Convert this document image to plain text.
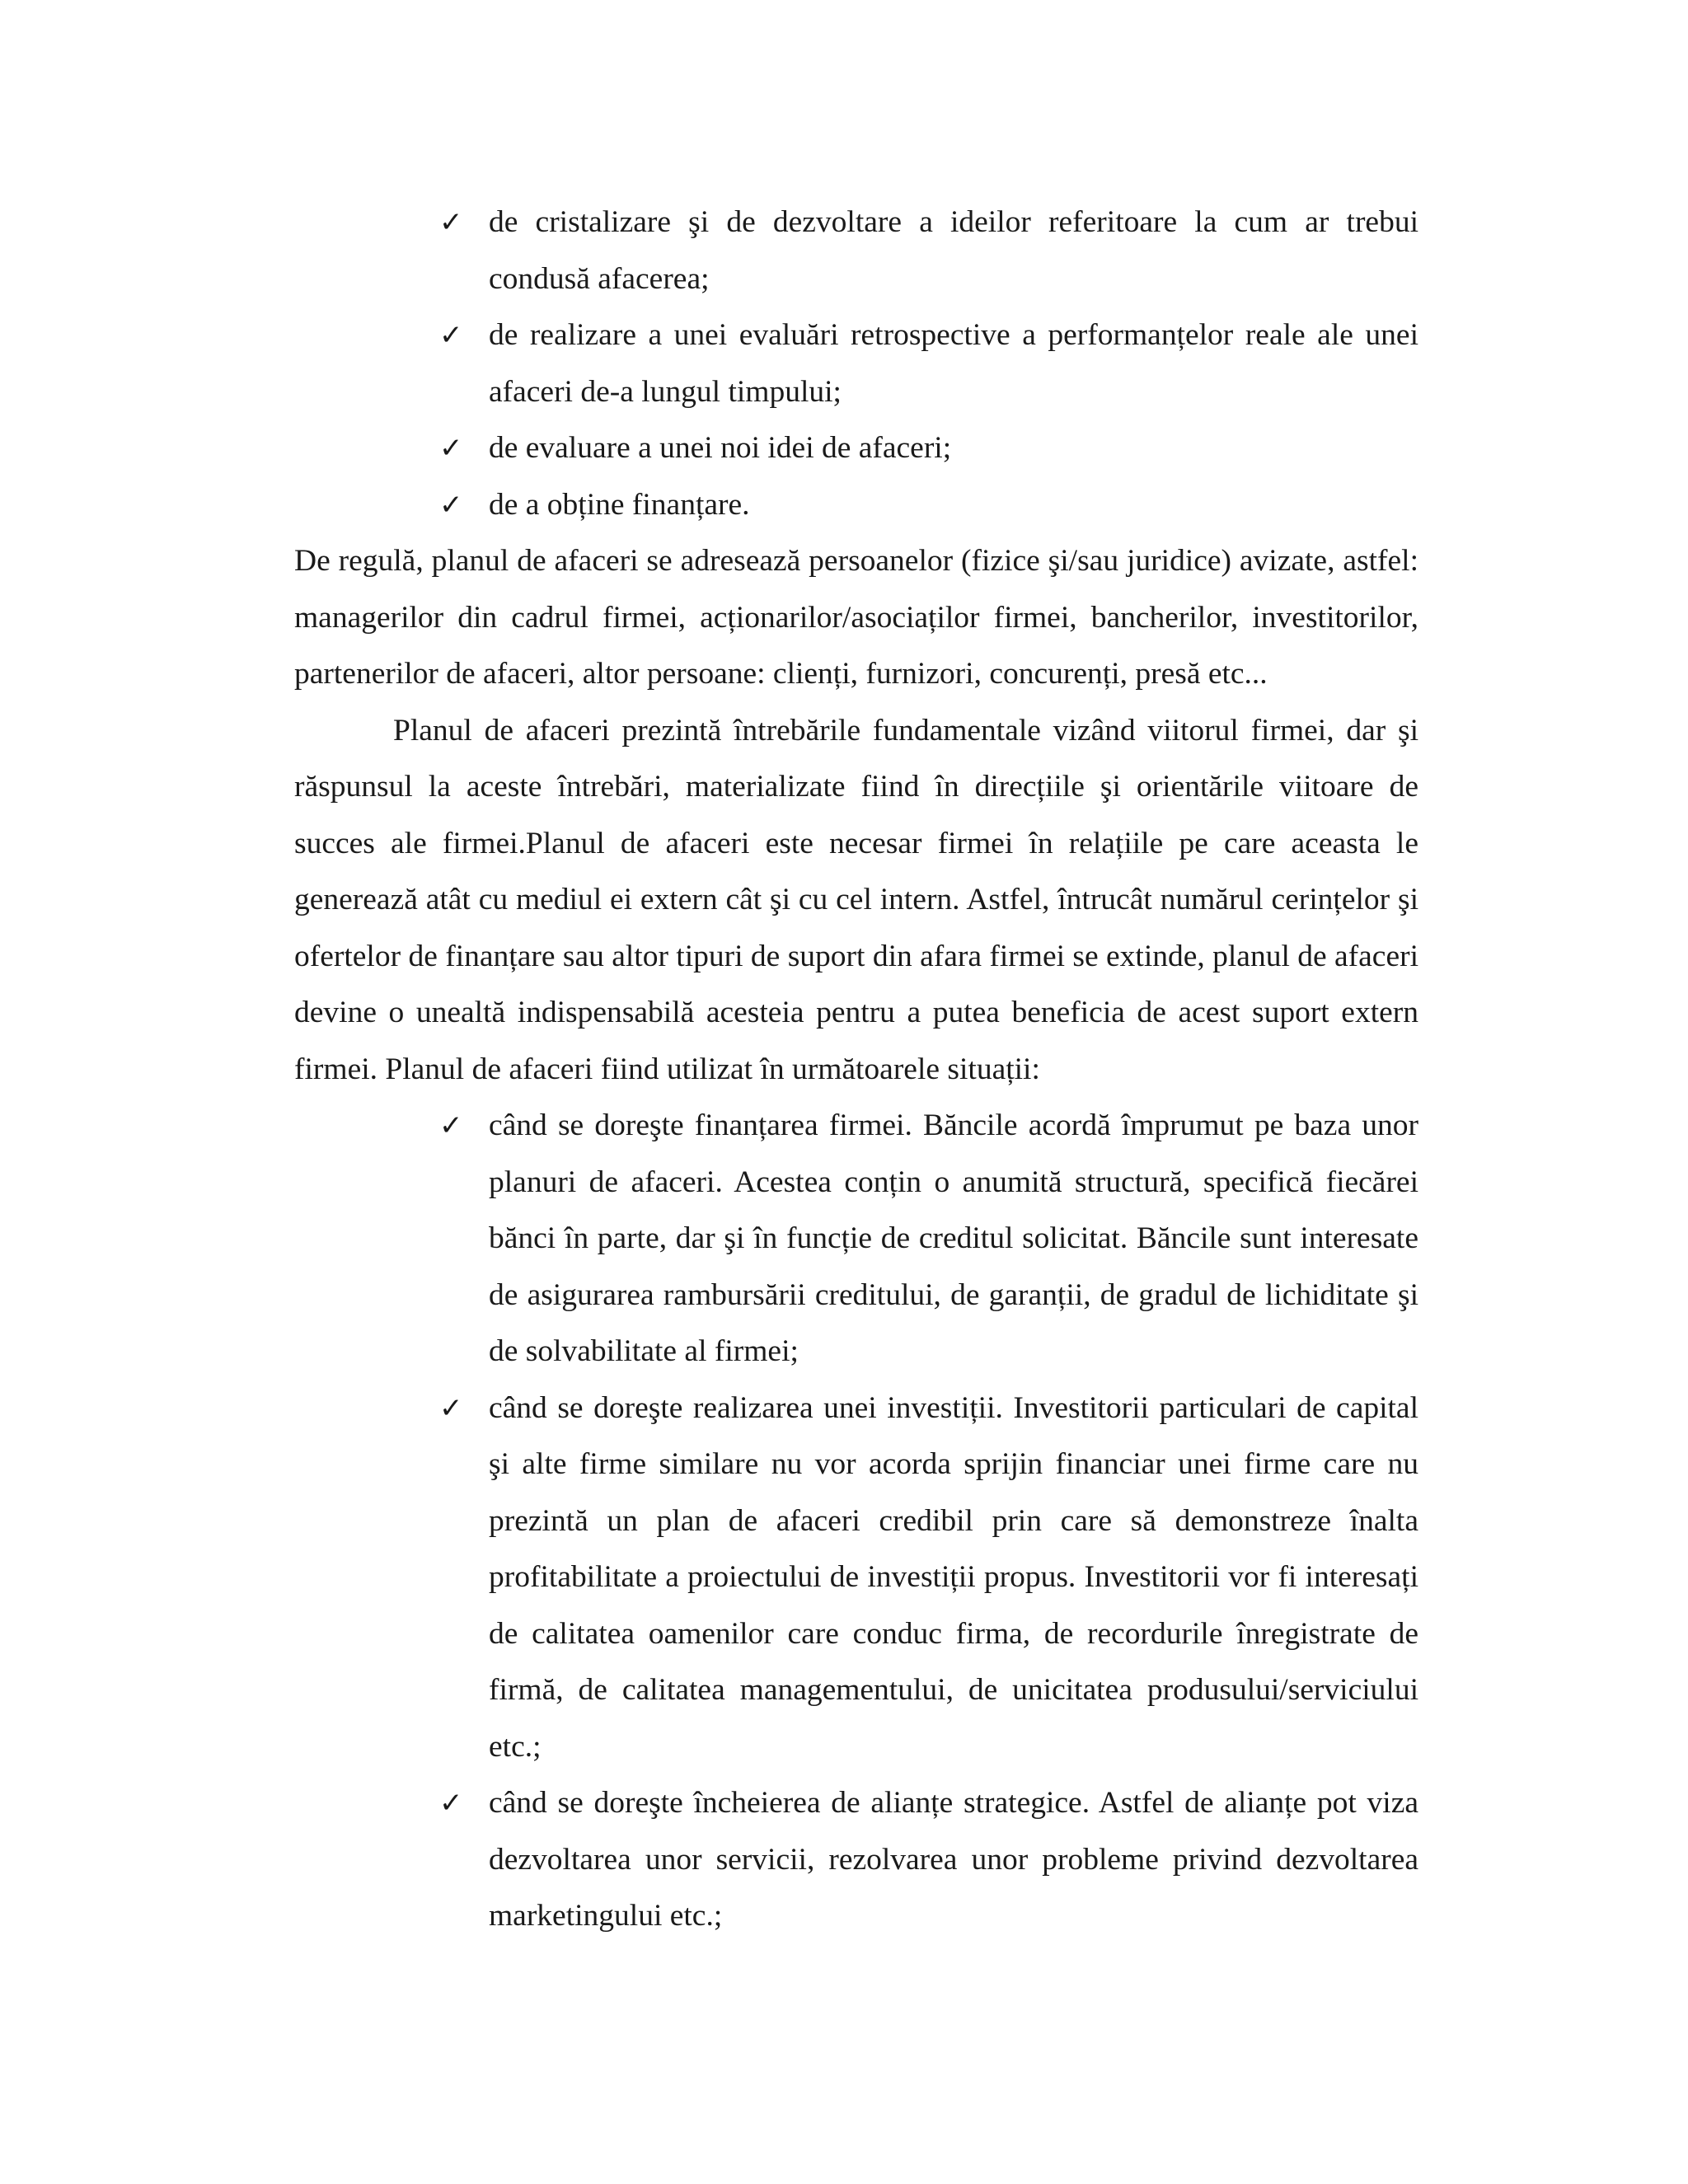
✓ de cristalizare şi de dezvoltare a ideilor referitoare la cum ar trebui condusă afacerea;
✓ de realizare a unei evaluări retrospective a performanțelor reale ale unei afaceri de-a lungul timpului;
✓ de evaluare a unei noi idei de afaceri;
✓ de a obține finanțare.

De regulă, planul de afaceri se adresează persoanelor (fizice şi/sau juridice) avizate, astfel: managerilor din cadrul firmei, acționarilor/asociaților firmei, bancherilor, investitorilor, partenerilor de afaceri, altor persoane: clienți, furnizori, concurenți, presă etc...

Planul de afaceri prezintă întrebările fundamentale vizând viitorul firmei, dar şi răspunsul la aceste întrebări, materializate fiind în direcțiile şi orientările viitoare de succes ale firmei.Planul de afaceri este necesar firmei în relațiile pe care aceasta le generează atât cu mediul ei extern cât şi cu cel intern. Astfel, întrucât numărul cerințelor şi ofertelor de finanțare sau altor tipuri de suport din afara firmei se extinde, planul de afaceri devine o unealtă indispensabilă acesteia pentru a putea beneficia de acest suport extern firmei. Planul de afaceri fiind utilizat în următoarele situații:

✓ când se doreşte finanțarea firmei. Băncile acordă împrumut pe baza unor planuri de afaceri. Acestea conțin o anumită structură, specifică fiecărei bănci în parte, dar şi în funcție de creditul solicitat. Băncile sunt interesate de asigurarea rambursării creditului, de garanții, de gradul de lichiditate şi de solvabilitate al firmei;
✓ când se doreşte realizarea unei investiții. Investitorii particulari de capital şi alte firme similare nu vor acorda sprijin financiar unei firme care nu prezintă un plan de afaceri credibil prin care să demonstreze înalta profitabilitate a proiectului de investiții propus. Investitorii vor fi interesați de calitatea oamenilor care conduc firma, de recordurile înregistrate de firmă, de calitatea managementului, de unicitatea produsului/serviciului etc.;
✓ când se doreşte încheierea de alianțe strategice. Astfel de alianțe pot viza dezvoltarea unor servicii, rezolvarea unor probleme privind dezvoltarea marketingului etc.;
